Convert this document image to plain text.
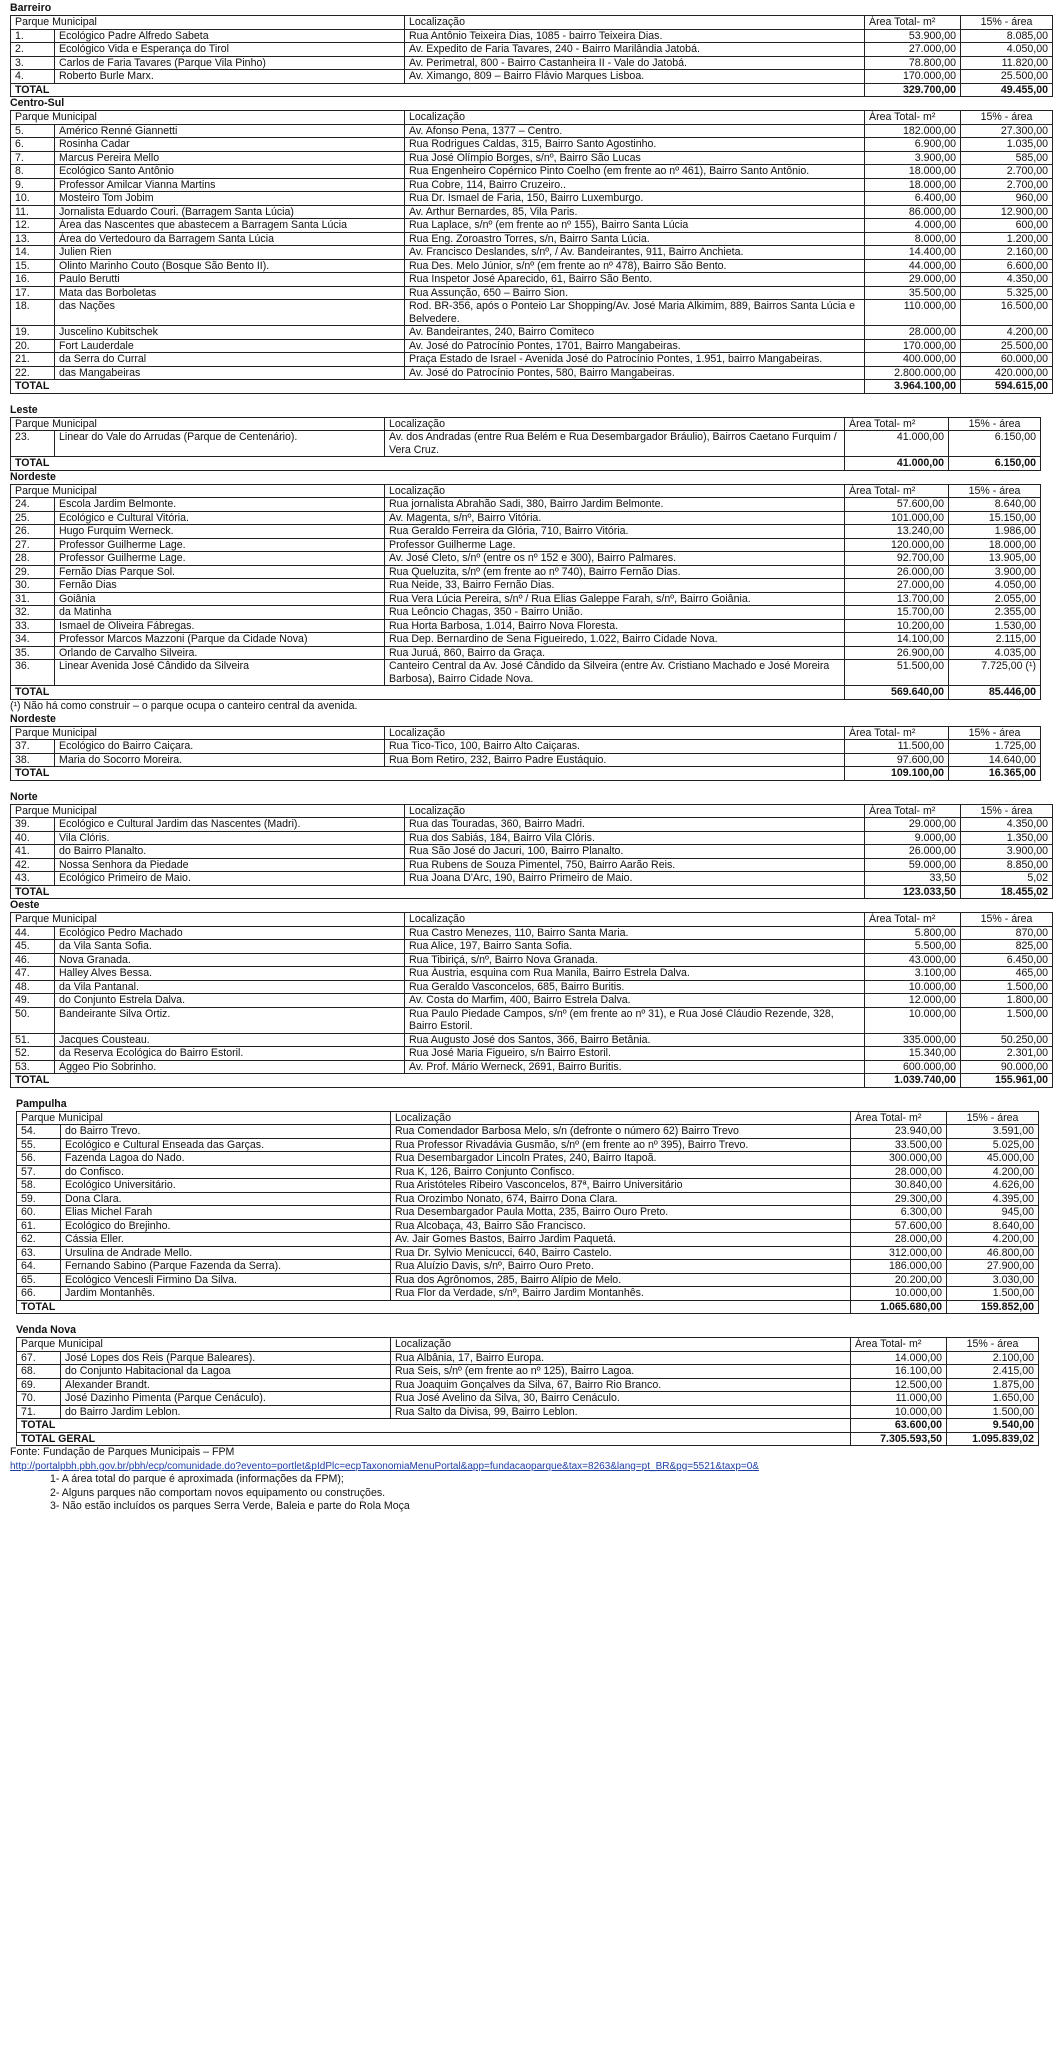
Barreiro
Parque Municipal		Localização	Área Total- m²	15% - área
1.	Ecológico Padre Alfredo Sabeta	Rua Antônio Teixeira Dias, 1085 - bairro Teixeira Dias.	53.900,00	8.085,00
2.	Ecológico Vida e Esperança do Tirol	Av. Expedito de Faria Tavares, 240 - Bairro Marilândia Jatobá.	27.000,00	4.050,00
3.	Carlos de Faria Tavares (Parque Vila Pinho)	Av. Perimetral, 800 - Bairro Castanheira II - Vale do Jatobá.	78.800,00	11.820,00
4.	Roberto Burle Marx.	Av. Ximango, 809 – Bairro Flávio Marques Lisboa.	170.000,00	25.500,00
TOTAL			329.700,00	49.455,00
Centro-Sul
Parque Municipal		Localização	Área Total- m²	15% - área
5.	Américo Renné Giannetti	Av. Afonso Pena, 1377 – Centro.	182.000,00	27.300,00
6.	Rosinha Cadar	Rua Rodrigues Caldas, 315, Bairro Santo Agostinho.	6.900,00	1.035,00
7.	Marcus Pereira Mello	Rua José Olímpio Borges, s/nº, Bairro São Lucas	3.900,00	585,00
8.	Ecológico Santo Antônio	Rua Engenheiro Copérnico Pinto Coelho (em frente ao nº 461), Bairro Santo Antônio.	18.000,00	2.700,00
9.	Professor Amilcar Vianna Martins	Rua Cobre, 114, Bairro Cruzeiro..	18.000,00	2.700,00
10.	Mosteiro Tom Jobim	Rua Dr. Ismael de Faria, 150, Bairro Luxemburgo.	6.400,00	960,00
11.	Jornalista Eduardo Couri. (Barragem Santa Lúcia)	Av. Arthur Bernardes, 85, Vila Paris.	86.000,00	12.900,00
12.	Área das Nascentes que abastecem a Barragem Santa Lúcia	Rua Laplace, s/nº (em frente ao nº 155), Bairro Santa Lúcia	4.000,00	600,00
13.	Área do Vertedouro da Barragem Santa Lúcia	Rua Eng. Zoroastro Torres, s/n, Bairro Santa Lúcia.	8.000,00	1.200,00
14.	Julien Rien	Av. Francisco Deslandes, s/nº, / Av. Bandeirantes, 911, Bairro Anchieta.	14.400,00	2.160,00
15.	Olinto Marinho Couto (Bosque São Bento II).	Rua Des. Melo Júnior, s/nº (em frente ao nº 478), Bairro São Bento.	44.000,00	6.600,00
16.	Paulo Berutti	Rua Inspetor José Aparecido, 61, Bairro São Bento.	29.000,00	4.350,00
17.	Mata das Borboletas	Rua Assunção, 650 – Bairro Sion.	35.500,00	5.325,00
18.	das Nações	Rod. BR-356, após o Ponteio Lar Shopping/Av. José Maria Alkimim, 889, Bairros Santa Lúcia e Belvedere.	110.000,00	16.500,00
19.	Juscelino Kubitschek	Av. Bandeirantes, 240, Bairro Comiteco	28.000,00	4.200,00
20.	Fort Lauderdale	Av. José do Patrocínio Pontes, 1701, Bairro Mangabeiras.	170.000,00	25.500,00
21.	da Serra do Curral	Praça Estado de Israel - Avenida José do Patrocínio Pontes, 1.951, bairro Mangabeiras.	400.000,00	60.000,00
22.	das Mangabeiras	Av. José do Patrocínio Pontes, 580, Bairro Mangabeiras.	2.800.000,00	420.000,00
TOTAL			3.964.100,00	594.615,00
Leste
Parque Municipal		Localização	Área Total- m²	15% - área
23.	Linear do Vale do Arrudas (Parque de Centenário).	Av. dos Andradas (entre Rua Belém e Rua Desembargador Bráulio), Bairros Caetano Furquim / Vera Cruz.	41.000,00	6.150,00
TOTAL			41.000,00	6.150,00
Nordeste
Parque Municipal		Localização	Área Total- m²	15% - área
24.	Escola Jardim Belmonte.	Rua jornalista Abrahão Sadi, 380, Bairro Jardim Belmonte.	57.600,00	8.640,00
25.	Ecológico e Cultural Vitória.	Av. Magenta, s/nº, Bairro Vitória.	101.000,00	15.150,00
26.	Hugo Furquim Werneck.	Rua Geraldo Ferreira da Glória, 710, Bairro Vitória.	13.240,00	1.986,00
27.	Professor Guilherme Lage.	Professor Guilherme Lage.	120.000,00	18.000,00
28.	Professor Guilherme Lage.	Av. José Cleto, s/nº (entre os nº 152 e 300), Bairro Palmares.	92.700,00	13.905,00
29.	Fernão Dias Parque Sol.	Rua Queluzita, s/nº (em frente ao nº 740), Bairro Fernão Dias.	26.000,00	3.900,00
30.	Fernão Dias	Rua Neide, 33, Bairro Fernão Dias.	27.000,00	4.050,00
31.	Goiânia	Rua Vera Lúcia Pereira, s/nº / Rua Elias Galeppe Farah, s/nº, Bairro Goiânia.	13.700,00	2.055,00
32.	da Matinha	Rua Leôncio Chagas, 350 - Bairro União.	15.700,00	2.355,00
33.	Ismael de Oliveira Fábregas.	Rua Horta Barbosa, 1.014, Bairro Nova Floresta.	10.200,00	1.530,00
34.	Professor Marcos Mazzoni (Parque da Cidade Nova)	Rua Dep. Bernardino de Sena Figueiredo, 1.022, Bairro Cidade Nova.	14.100,00	2.115,00
35.	Orlando de Carvalho Silveira.	Rua Juruá, 860, Bairro da Graça.	26.900,00	4.035,00
36.	Linear Avenida José Cândido da Silveira	Canteiro Central da Av. José Cândido da Silveira (entre Av. Cristiano Machado e José Moreira Barbosa), Bairro Cidade Nova.	51.500,00	7.725,00 (¹)
TOTAL			569.640,00	85.446,00
(¹) Não há como construir – o parque ocupa o canteiro central da avenida.
Nordeste
Parque Municipal		Localização	Área Total- m²	15% - área
37.	Ecológico do Bairro Caiçara.	Rua Tico-Tico, 100, Bairro Alto Caiçaras.	11.500,00	1.725,00
38.	Maria do Socorro Moreira.	Rua Bom Retiro, 232, Bairro Padre Eustáquio.	97.600,00	14.640,00
TOTAL			109.100,00	16.365,00
Norte
Parque Municipal		Localização	Área Total- m²	15% - área
39.	Ecológico e Cultural Jardim das Nascentes (Madri).	Rua das Touradas, 360, Bairro Madri.	29.000,00	4.350,00
40.	Vila Clóris.	Rua dos Sabiás, 184, Bairro Vila Clóris.	9.000,00	1.350,00
41.	do Bairro Planalto.	Rua São José do Jacuri, 100, Bairro Planalto.	26.000,00	3.900,00
42.	Nossa Senhora da Piedade	Rua Rubens de Souza Pimentel, 750, Bairro Aarão Reis.	59.000,00	8.850,00
43.	Ecológico Primeiro de Maio.	Rua Joana D'Arc, 190, Bairro Primeiro de Maio.	33,50	5,02
TOTAL			123.033,50	18.455,02
Oeste
Parque Municipal		Localização	Área Total- m²	15% - área
44.	Ecológico Pedro Machado	Rua Castro Menezes, 110, Bairro Santa Maria.	5.800,00	870,00
45.	da Vila Santa Sofia.	Rua Alice, 197, Bairro Santa Sofia.	5.500,00	825,00
46.	Nova Granada.	Rua Tibiriçá, s/nº, Bairro Nova Granada.	43.000,00	6.450,00
47.	Halley Alves Bessa.	Rua Áustria, esquina com Rua Manila, Bairro Estrela Dalva.	3.100,00	465,00
48.	da Vila Pantanal.	Rua Geraldo Vasconcelos, 685, Bairro Buritis.	10.000,00	1.500,00
49.	do Conjunto Estrela Dalva.	Av. Costa do Marfim, 400, Bairro Estrela Dalva.	12.000,00	1.800,00
50.	Bandeirante Silva Ortiz.	Rua Paulo Piedade Campos, s/nº (em frente ao nº 31), e Rua José Cláudio Rezende, 328, Bairro Estoril.	10.000,00	1.500,00
51.	Jacques Cousteau.	Rua Augusto José dos Santos, 366, Bairro Betânia.	335.000,00	50.250,00
52.	da Reserva Ecológica do Bairro Estoril.	Rua José Maria Figueiro, s/n Bairro Estoril.	15.340,00	2.301,00
53.	Aggeo Pio Sobrinho.	Av. Prof. Mário Werneck, 2691, Bairro Buritis.	600.000,00	90.000,00
TOTAL			1.039.740,00	155.961,00
Pampulha
Parque Municipal		Localização	Área Total- m²	15% - área
54.	do Bairro Trevo.	Rua Comendador Barbosa Melo, s/n (defronte o número 62) Bairro Trevo	23.940,00	3.591,00
55.	Ecológico e Cultural Enseada das Garças.	Rua Professor Rivadávia Gusmão, s/nº (em frente ao nº 395), Bairro Trevo.	33.500,00	5.025,00
56.	Fazenda Lagoa do Nado.	Rua Desembargador Lincoln Prates, 240, Bairro Itapoã.	300.000,00	45.000,00
57.	do Confisco.	Rua K, 126, Bairro Conjunto Confisco.	28.000,00	4.200,00
58.	Ecológico Universitário.	Rua Aristóteles Ribeiro Vasconcelos, 87ª, Bairro Universitário	30.840,00	4.626,00
59.	Dona Clara.	Rua Orozimbo Nonato, 674, Bairro Dona Clara.	29.300,00	4.395,00
60.	Elias Michel Farah	Rua Desembargador Paula Motta, 235, Bairro Ouro Preto.	6.300,00	945,00
61.	Ecológico do Brejinho.	Rua Alcobaça, 43, Bairro São Francisco.	57.600,00	8.640,00
62.	Cássia Eller.	Av. Jair Gomes Bastos, Bairro Jardim Paquetá.	28.000,00	4.200,00
63.	Ursulina de Andrade Mello.	Rua Dr. Sylvio Menicucci, 640, Bairro Castelo.	312.000,00	46.800,00
64.	Fernando Sabino (Parque Fazenda da Serra).	Rua Aluízio Davis, s/nº, Bairro Ouro Preto.	186.000,00	27.900,00
65.	Ecológico Vencesli Firmino Da Silva.	Rua dos Agrônomos, 285, Bairro Alípio de Melo.	20.200,00	3.030,00
66.	Jardim Montanhês.	Rua Flor da Verdade, s/nº, Bairro Jardim Montanhês.	10.000,00	1.500,00
TOTAL			1.065.680,00	159.852,00
Venda Nova
Parque Municipal		Localização	Área Total- m²	15% - área
67.	José Lopes dos Reis (Parque Baleares).	Rua Albânia, 17, Bairro Europa.	14.000,00	2.100,00
68.	do Conjunto Habitacional da Lagoa	Rua Seis, s/nº (em frente ao nº 125), Bairro Lagoa.	16.100,00	2.415,00
69.	Alexander Brandt.	Rua Joaquim Gonçalves da Silva, 67, Bairro Rio Branco.	12.500,00	1.875,00
70.	José Dazinho Pimenta (Parque Cenáculo).	Rua José Avelino da Silva, 30, Bairro Cenáculo.	11.000,00	1.650,00
71.	do Bairro Jardim Leblon.	Rua Salto da Divisa, 99, Bairro Leblon.	10.000,00	1.500,00
TOTAL			63.600,00	9.540,00
TOTAL GERAL			7.305.593,50	1.095.839,02
Fonte: Fundação de Parques Municipais – FPM
http://portalpbh.pbh.gov.br/pbh/ecp/comunidade.do?evento=portlet&pIdPlc=ecpTaxonomiaMenuPortal&app=fundacaoparque&tax=8263&lang=pt_BR&pg=5521&taxp=0&
1- A área total do parque é aproximada (informações da FPM);
2- Alguns parques não comportam novos equipamento ou construções.
3- Não estão incluídos os parques Serra Verde, Baleia e parte do Rola Moça
